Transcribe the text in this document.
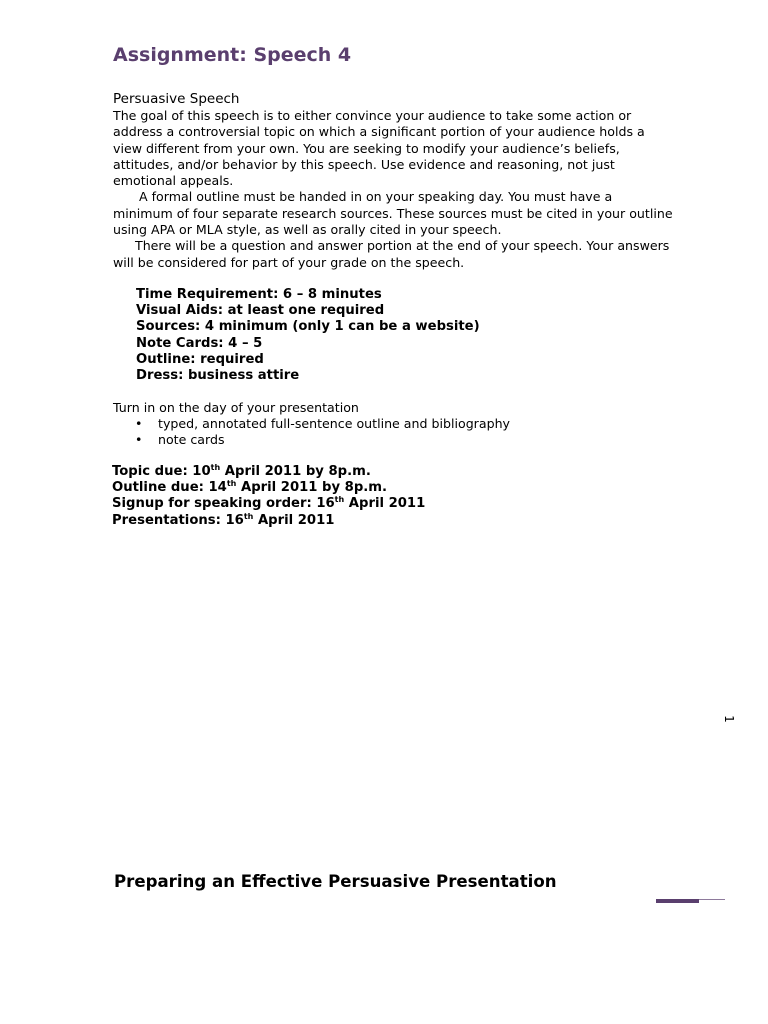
Assignment: Speech 4
Persuasive Speech

The goal of this speech is to either convince your audience to take some action or address a controversial topic on which a significant portion of your audience holds a view different from your own. You are seeking to modify your audience’s beliefs, attitudes, and/or behavior by this speech. Use evidence and reasoning, not just emotional appeals.

A formal outline must be handed in on your speaking day. You must have a minimum of four separate research sources. These sources must be cited in your outline using APA or MLA style, as well as orally cited in your speech.

There will be a question and answer portion at the end of your speech. Your answers will be considered for part of your grade on the speech.

Time Requirement: 6 – 8 minutes
Visual Aids: at least one required
Sources: 4 minimum (only 1 can be a website)
Note Cards: 4 – 5
Outline: required
Dress: business attire
Turn in on the day of your presentation
• typed, annotated full-sentence outline and bibliography
• note cards
Topic due: 10th April 2011 by 8p.m.
Outline due: 14th April 2011 by 8p.m.
Signup for speaking order: 16th April 2011
Presentations: 16th April 2011
1
Preparing an Effective Persuasive Presentation
